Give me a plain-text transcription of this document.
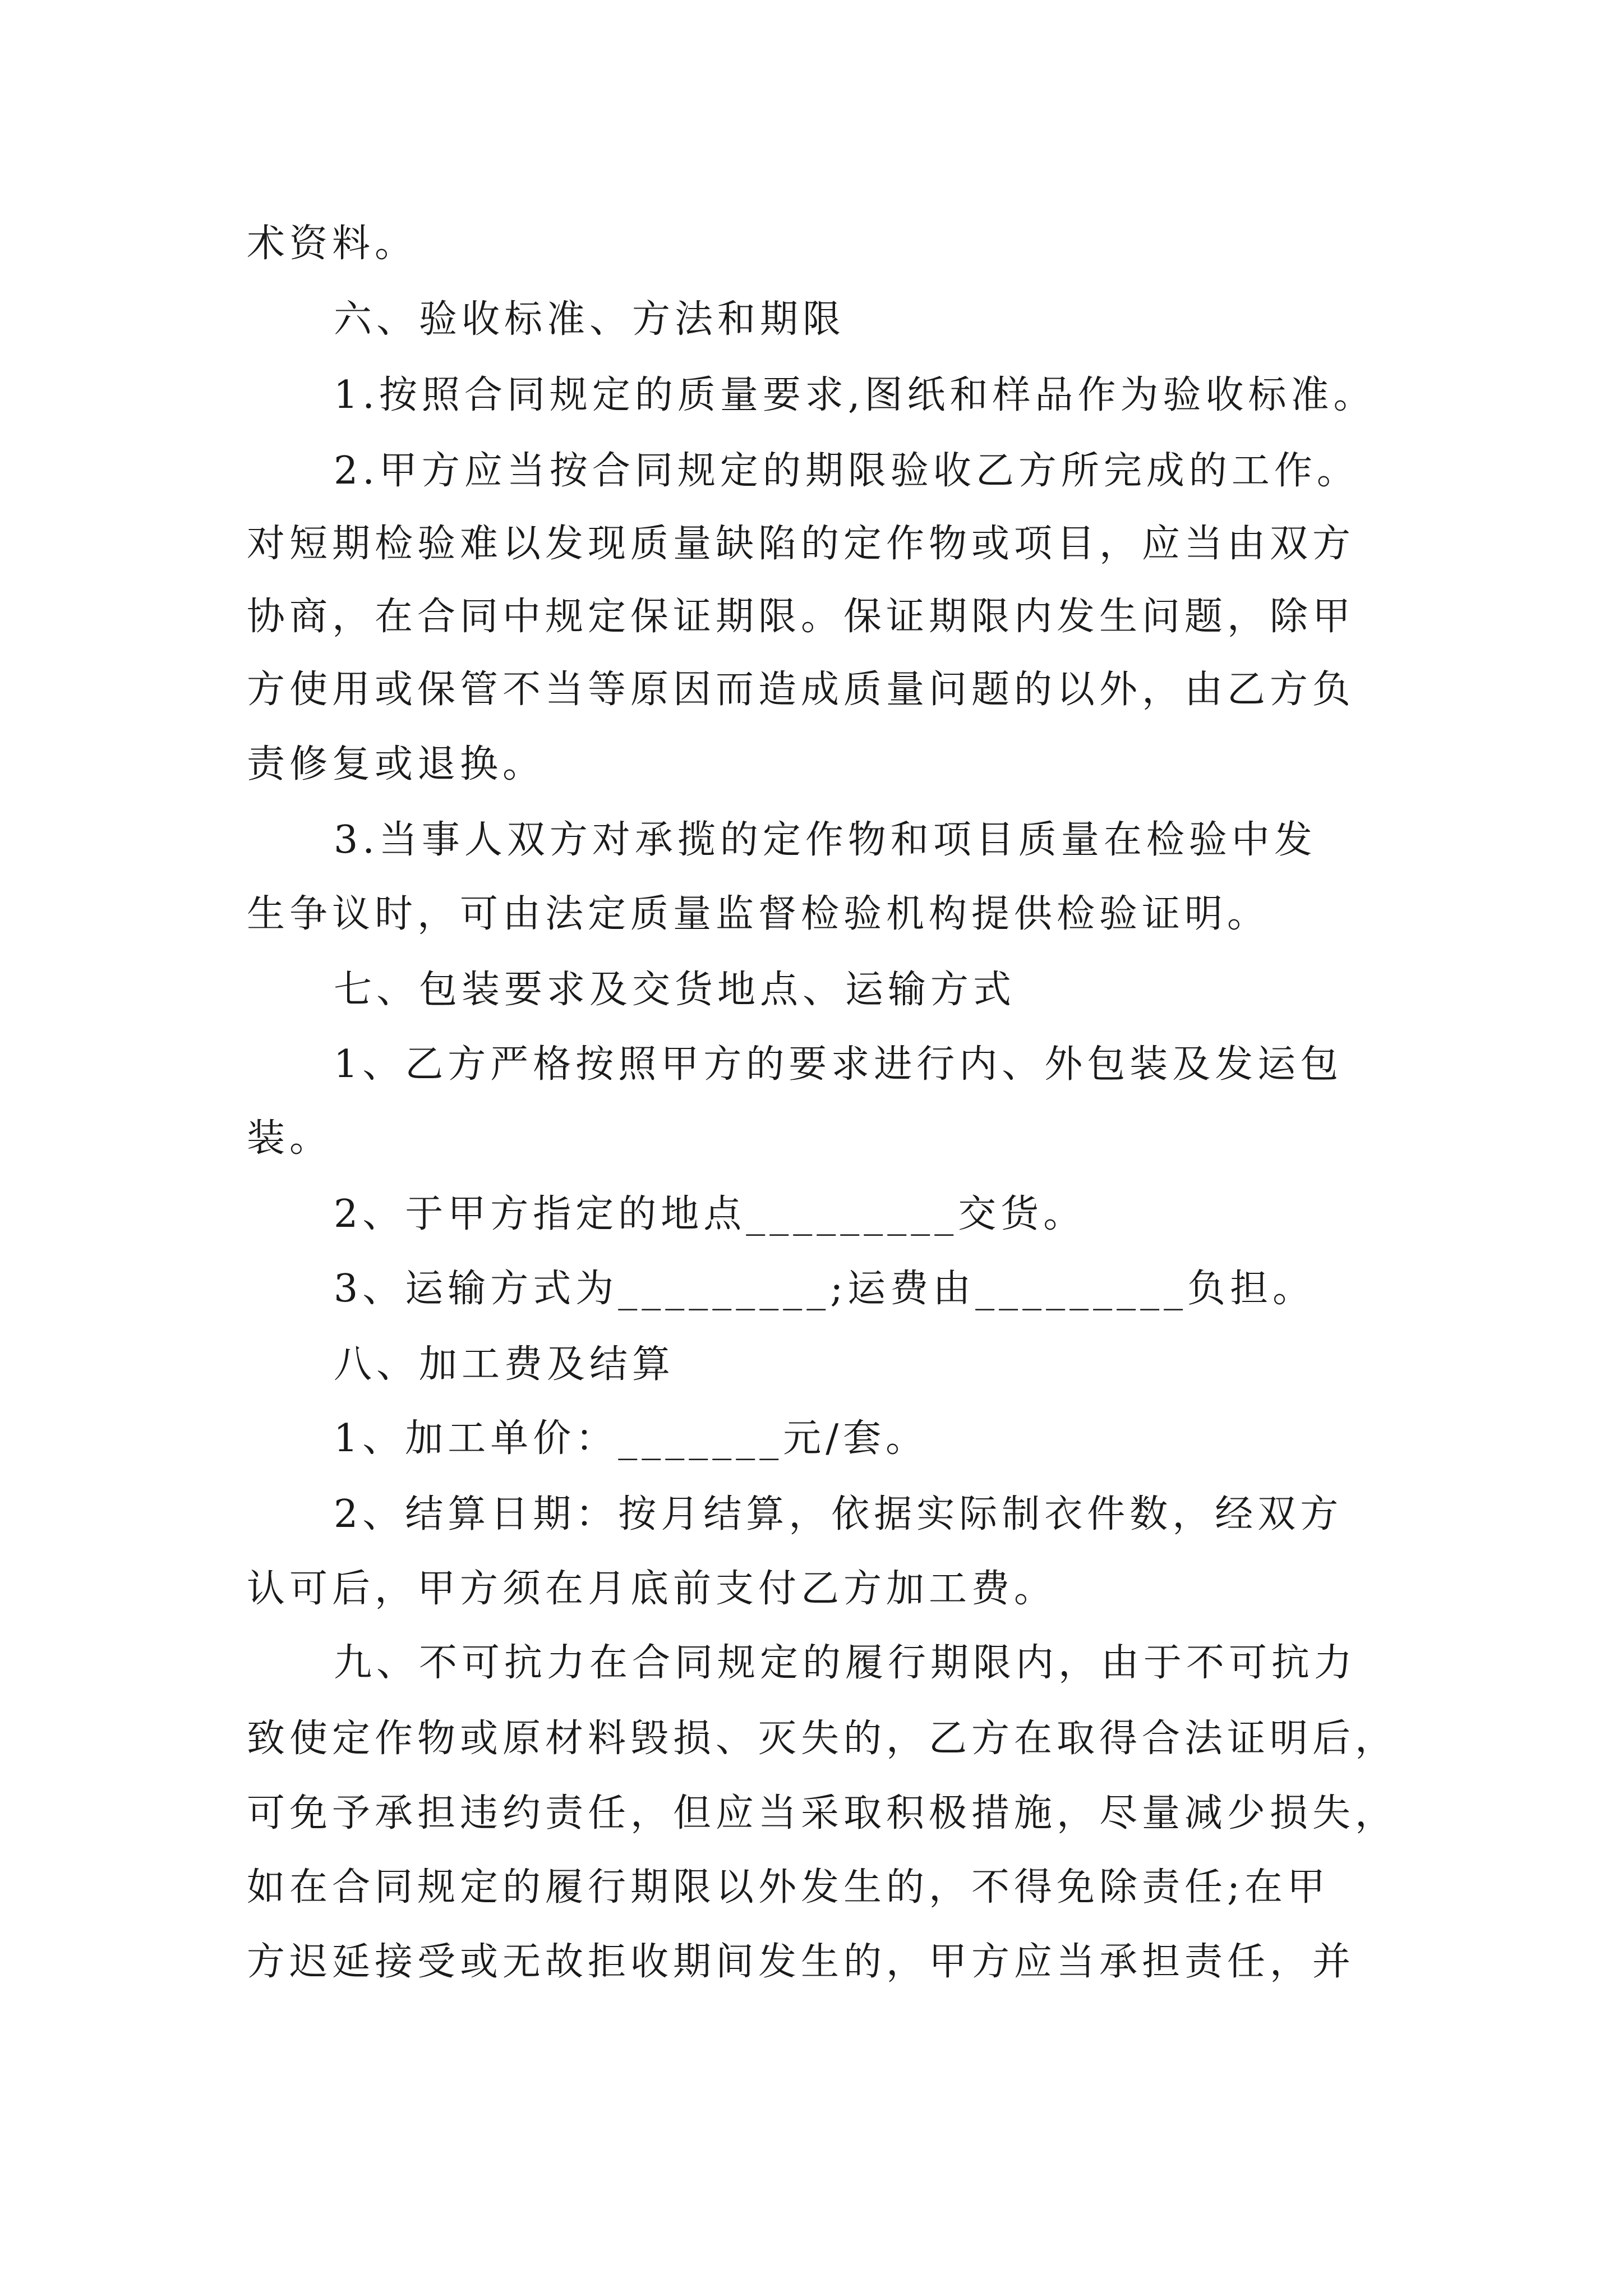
术资料。
六、验收标准、方法和期限
1.按照合同规定的质量要求,图纸和样品作为验收标准。
2.甲方应当按合同规定的期限验收乙方所完成的工作。
对短期检验难以发现质量缺陷的定作物或项目，应当由双方
协商，在合同中规定保证期限。保证期限内发生问题，除甲
方使用或保管不当等原因而造成质量问题的以外，由乙方负
责修复或退换。
3.当事人双方对承揽的定作物和项目质量在检验中发
生争议时，可由法定质量监督检验机构提供检验证明。
七、包装要求及交货地点、运输方式
1、乙方严格按照甲方的要求进行内、外包装及发运包
装。
2、于甲方指定的地点_________交货。
3、运输方式为_________;运费由_________负担。
八、加工费及结算
1、加工单价：_______元/套。
2、结算日期：按月结算，依据实际制衣件数，经双方
认可后，甲方须在月底前支付乙方加工费。
九、不可抗力在合同规定的履行期限内，由于不可抗力
致使定作物或原材料毁损、灭失的，乙方在取得合法证明后，
可免予承担违约责任，但应当采取积极措施，尽量减少损失，
如在合同规定的履行期限以外发生的，不得免除责任;在甲
方迟延接受或无故拒收期间发生的，甲方应当承担责任，并
